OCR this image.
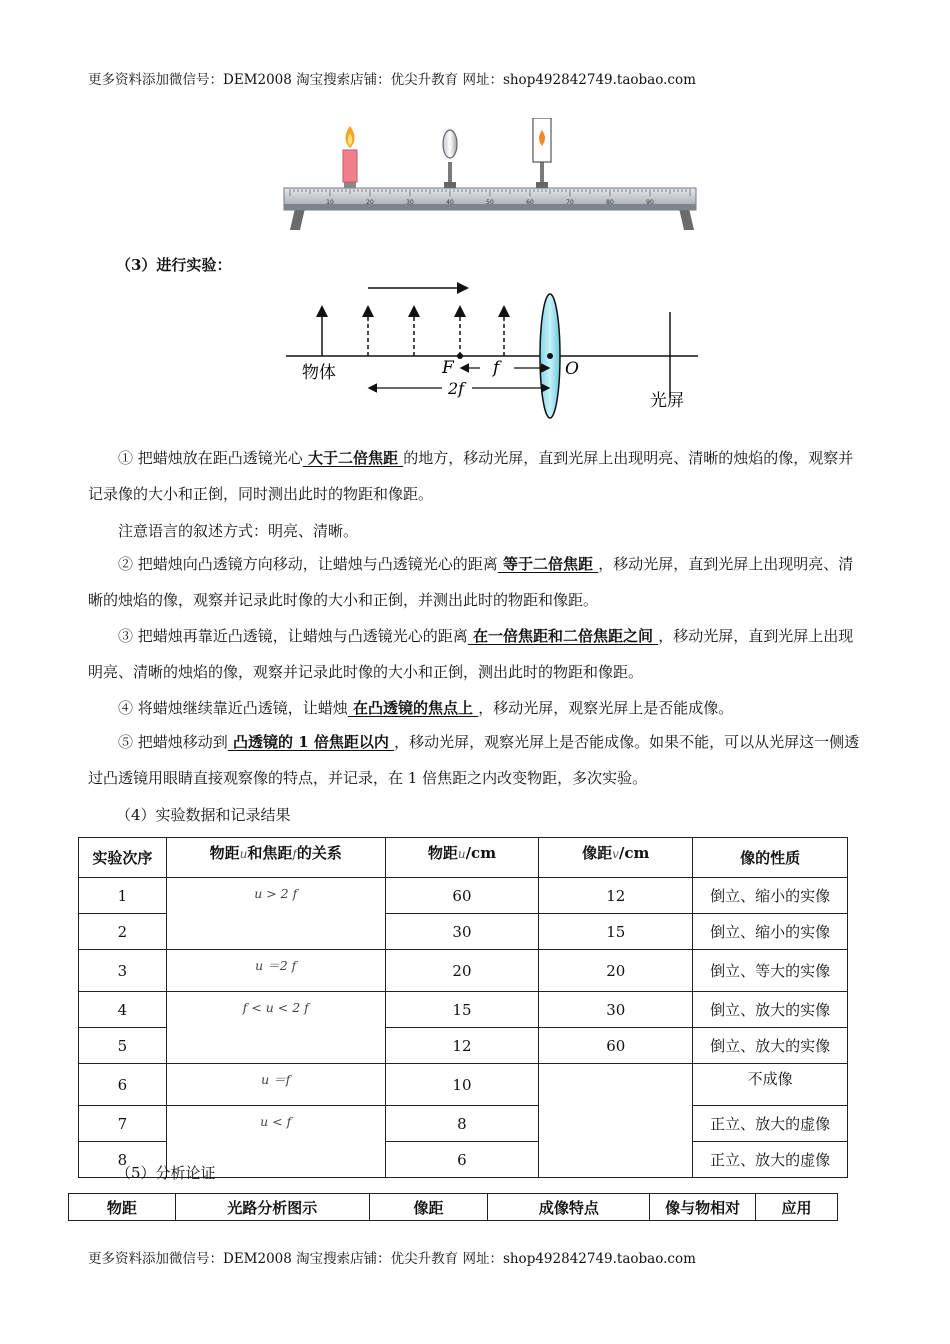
更多资料添加微信号：DEM2008 淘宝搜索店铺：优尖升教育 网址：shop492842749.taobao.com
10	20	30	40	50	60	70	80	90
（3）进行实验：
物体	F f
2f
O
光屏
① 把蜡烛放在距凸透镜光心 大于二倍焦距 的地方，移动光屏，直到光屏上出现明亮、清晰的烛焰的像，观察并记录像的大小和正倒，同时测出此时的物距和像距。
注意语言的叙述方式：明亮、清晰。
② 把蜡烛向凸透镜方向移动，让蜡烛与凸透镜光心的距离 等于二倍焦距 ，移动光屏，直到光屏上出现明亮、清晰的烛焰的像，观察并记录此时像的大小和正倒，并测出此时的物距和像距。
③ 把蜡烛再靠近凸透镜，让蜡烛与凸透镜光心的距离 在一倍焦距和二倍焦距之间 ，移动光屏，直到光屏上出现明亮、清晰的烛焰的像，观察并记录此时像的大小和正倒，测出此时的物距和像距。
④ 将蜡烛继续靠近凸透镜，让蜡烛 在凸透镜的焦点上 ，移动光屏，观察光屏上是否能成像。
⑤ 把蜡烛移动到 凸透镜的 1 倍焦距以内 ，移动光屏，观察光屏上是否能成像。如果不能，可以从光屏这一侧透过凸透镜用眼睛直接观察像的特点，并记录，在 1 倍焦距之内改变物距，多次实验。
（4）实验数据和记录结果
实验次序	物距u和焦距f的关系	物距u/cm	像距v/cm	像的性质
1	u > 2 f	60	12	倒立、缩小的实像
2		30	15	倒立、缩小的实像
3	u ＝2 f	20	20	倒立、等大的实像
4	f < u < 2 f	15	30	倒立、放大的实像
5		12	60	倒立、放大的实像
6	u ＝f	10		不成像
7	u < f	8		正立、放大的虚像
8		6		正立、放大的虚像
（5）分析论证
物距	光路分析图示	像距	成像特点	像与物相对	应用
更多资料添加微信号：DEM2008 淘宝搜索店铺：优尖升教育 网址：shop492842749.taobao.com
